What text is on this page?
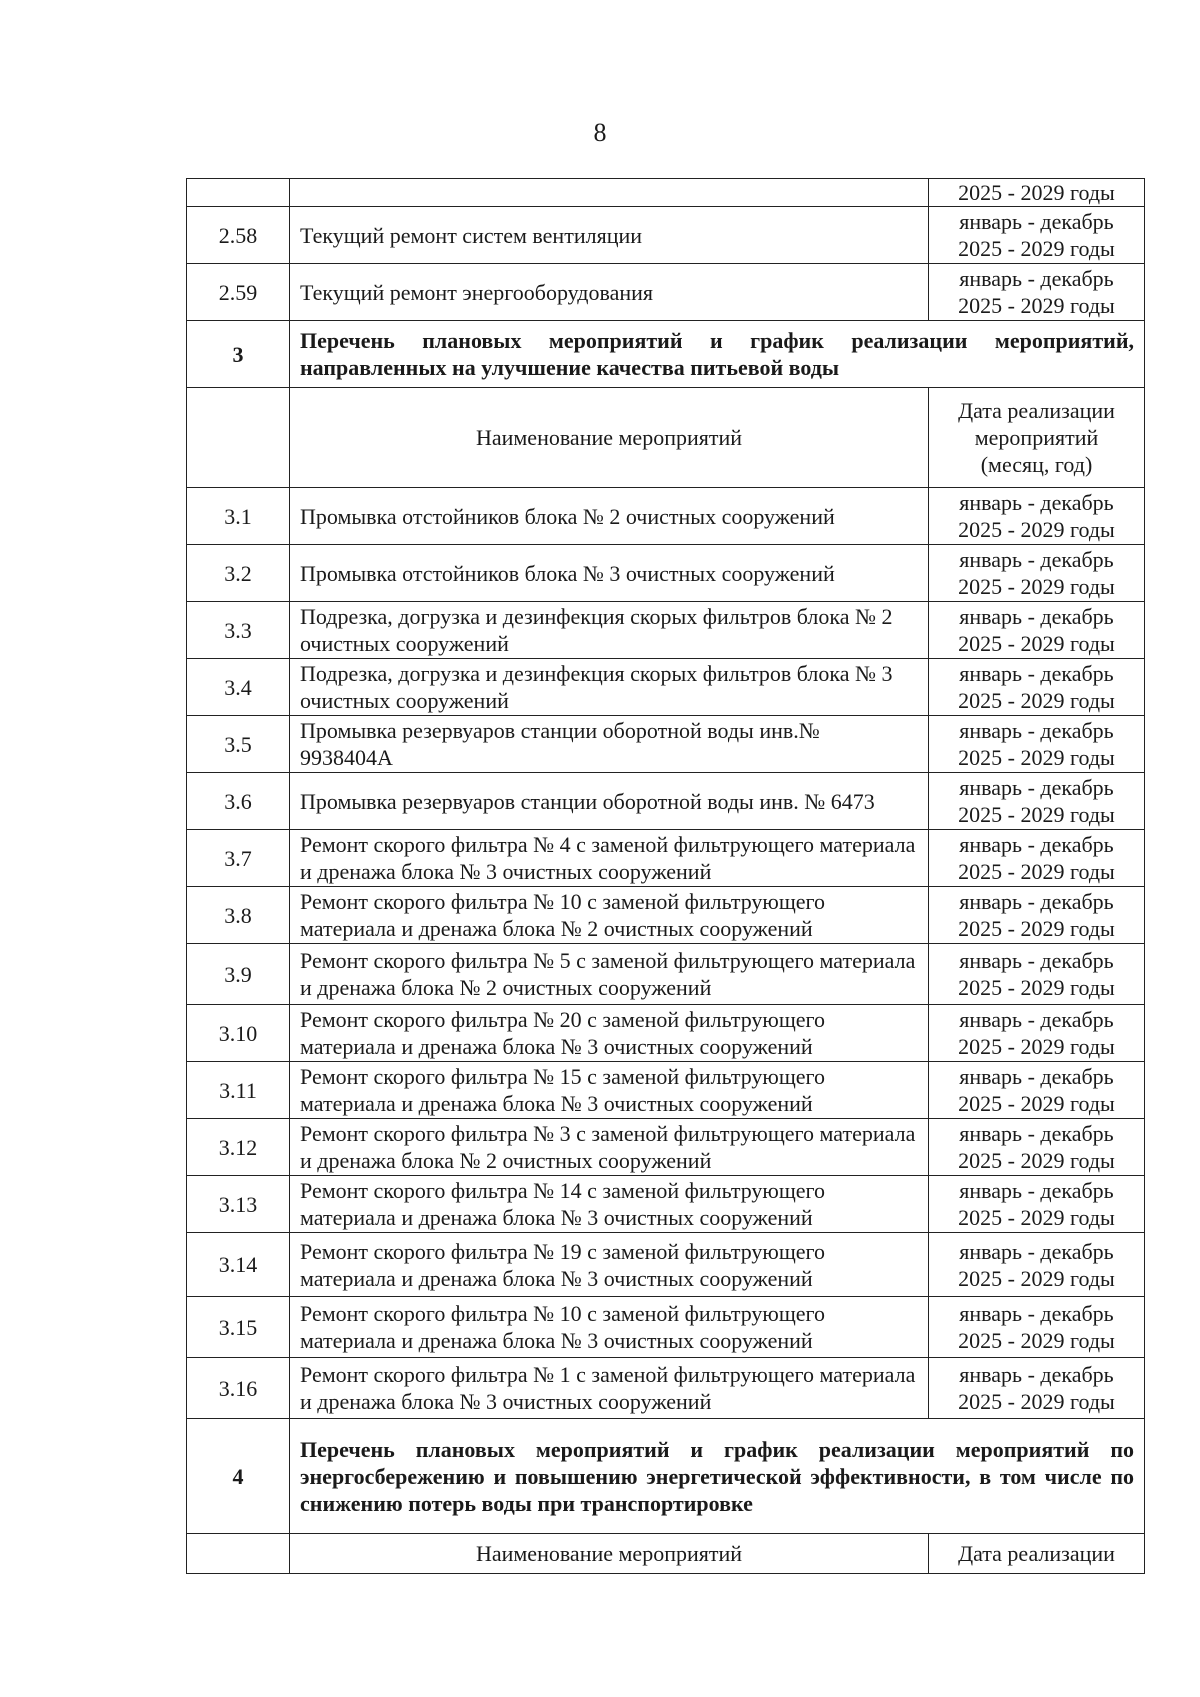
8

		2025 - 2029 годы

2.58	Текущий ремонт систем вентиляции	январь - декабрь
2025 - 2029 годы

2.59	Текущий ремонт энергооборудования	январь - декабрь
2025 - 2029 годы

3	Перечень плановых мероприятий и график реализации мероприятий, направленных на улучшение качества питьевой воды	
	Наименование мероприятий	Дата реализации мероприятий (месяц, год)
3.1	Промывка отстойников блока № 2 очистных сооружений	январь - декабрь
2025 - 2029 годы

3.2	Промывка отстойников блока № 3 очистных сооружений	январь - декабрь
2025 - 2029 годы

3.3	Подрезка, догрузка и дезинфекция скорых фильтров блока № 2 очистных сооружений	январь - декабрь
2025 - 2029 годы

3.4	Подрезка, догрузка и дезинфекция скорых фильтров блока № 3 очистных сооружений	январь - декабрь
2025 - 2029 годы

3.5	Промывка резервуаров станции оборотной воды инв.№ 9938404А	январь - декабрь
2025 - 2029 годы

3.6	Промывка резервуаров станции оборотной воды инв. № 6473	январь - декабрь
2025 - 2029 годы

3.7	Ремонт скорого фильтра № 4 с заменой фильтрующего материала и дренажа блока № 3 очистных сооружений	январь - декабрь
2025 - 2029 годы

3.8	Ремонт скорого фильтра № 10 с заменой фильтрующего материала и дренажа блока № 2 очистных сооружений	январь - декабрь
2025 - 2029 годы

3.9	Ремонт скорого фильтра № 5 с заменой фильтрующего материала и дренажа блока № 2 очистных сооружений	январь - декабрь
2025 - 2029 годы

3.10	Ремонт скорого фильтра № 20 с заменой фильтрующего материала и дренажа блока № 3 очистных сооружений	январь - декабрь
2025 - 2029 годы

3.11	Ремонт скорого фильтра № 15 с заменой фильтрующего материала и дренажа блока № 3 очистных сооружений	январь - декабрь
2025 - 2029 годы

3.12	Ремонт скорого фильтра № 3 с заменой фильтрующего материала и дренажа блока № 2 очистных сооружений	январь - декабрь
2025 - 2029 годы

3.13	Ремонт скорого фильтра № 14 с заменой фильтрующего материала и дренажа блока № 3 очистных сооружений	январь - декабрь
2025 - 2029 годы

3.14	Ремонт скорого фильтра № 19 с заменой фильтрующего материала и дренажа блока № 3 очистных сооружений	январь - декабрь
2025 - 2029 годы

3.15	Ремонт скорого фильтра № 10 с заменой фильтрующего материала и дренажа блока № 3 очистных сооружений	январь - декабрь
2025 - 2029 годы

3.16	Ремонт скорого фильтра № 1 с заменой фильтрующего материала и дренажа блока № 3 очистных сооружений	январь - декабрь
2025 - 2029 годы

4	Перечень плановых мероприятий и график реализации мероприятий по энергосбережению и повышению энергетической эффективности, в том числе по снижению потерь воды при транспортировке	
	Наименование мероприятий	Дата реализации
